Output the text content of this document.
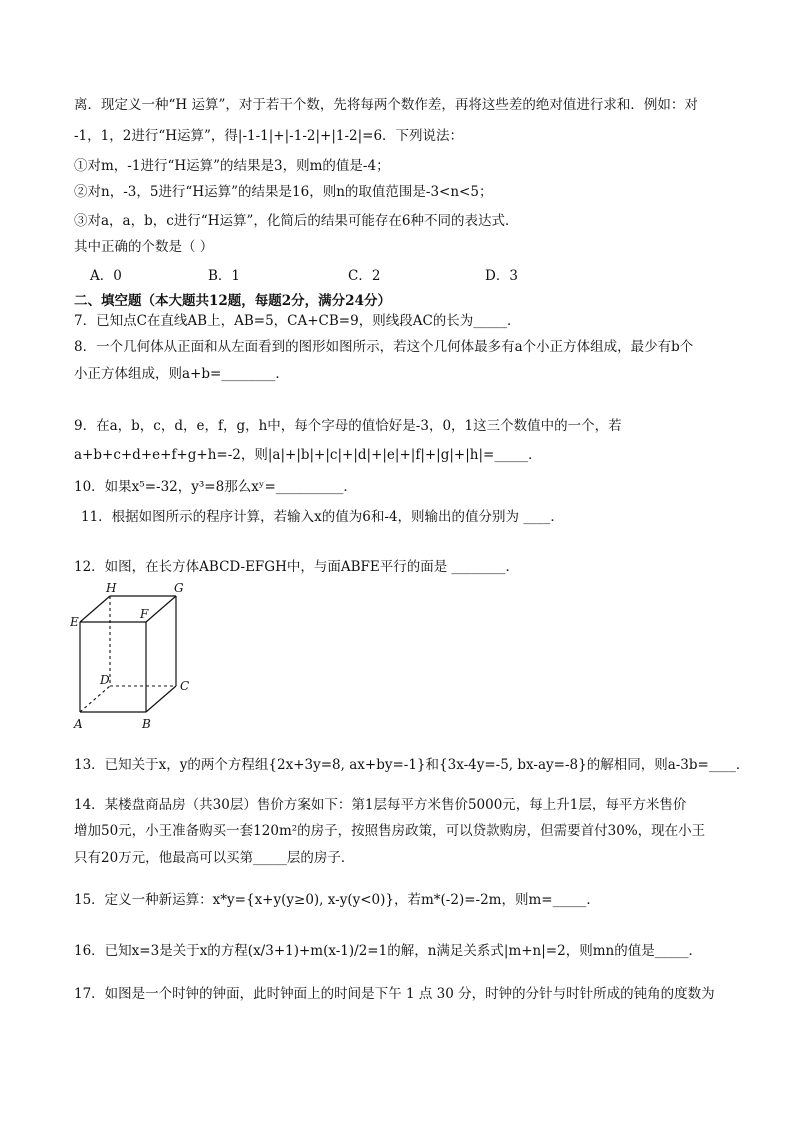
离．现定义一种“H 运算”，对于若干个数，先将每两个数作差，再将这些差的绝对值进行求和．例如：对
-1，1，2进行“H运算”，得|-1-1|+|-1-2|+|1-2|=6．下列说法：
①对m，-1进行“H运算”的结果是3，则m的值是-4；
②对n，-3，5进行“H运算”的结果是16，则n的取值范围是-3<n<5；
③对a，a，b，c进行“H运算”，化简后的结果可能存在6种不同的表达式．
其中正确的个数是（ ）
A．0	B．1	C．2	D．3
二、填空题（本大题共12题，每题2分，满分24分）
7．已知点C在直线AB上，AB=5，CA+CB=9，则线段AC的长为_____．
8．一个几何体从正面和从左面看到的图形如图所示，若这个几何体最多有a个小正方体组成，最少有b个
小正方体组成，则a+b=________．
9．在a，b，c，d，e，f，g，h中，每个字母的值恰好是-3，0，1这三个数值中的一个，若
a+b+c+d+e+f+g+h=-2，则|a|+|b|+|c|+|d|+|e|+|f|+|g|+|h|=_____．
10．如果x⁵=-32，y³=8那么xʸ=__________．
11．根据如图所示的程序计算，若输入x的值为6和-4，则输出的值分别为 ____．
12．如图，在长方体ABCD-EFGH中，与面ABFE平行的面是 ________．
H	G
E
F
D	C
A	B
13．已知关于x，y的两个方程组{2x+3y=8, ax+by=-1}和{3x-4y=-5, bx-ay=-8}的解相同，则a-3b=____．
14．某楼盘商品房（共30层）售价方案如下：第1层每平方米售价5000元，每上升1层，每平方米售价
增加50元，小王准备购买一套120m²的房子，按照售房政策，可以贷款购房，但需要首付30%，现在小王
只有20万元，他最高可以买第_____层的房子．
15．定义一种新运算：x*y={x+y(y≥0), x-y(y<0)}，若m*(-2)=-2m，则m=_____．
16．已知x=3是关于x的方程(x/3+1)+m(x-1)/2=1的解，n满足关系式|m+n|=2，则mn的值是_____．
17．如图是一个时钟的钟面，此时钟面上的时间是下午 1 点 30 分，时钟的分针与时针所成的钝角的度数为
